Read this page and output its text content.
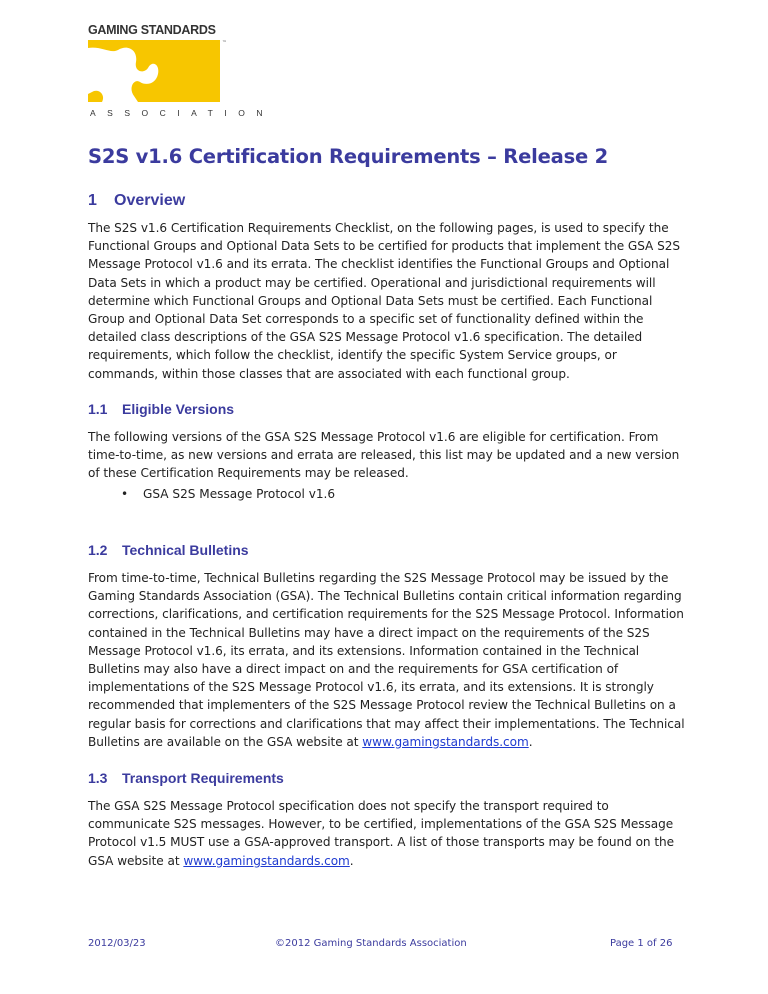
GAMING STANDARDS
™
ASSOCIATION
S2S v1.6 Certification Requirements – Release 2
1 Overview

The S2S v1.6 Certification Requirements Checklist, on the following pages, is used to specify the Functional Groups and Optional Data Sets to be certified for products that implement the GSA S2S Message Protocol v1.6 and its errata. The checklist identifies the Functional Groups and Optional Data Sets in which a product may be certified. Operational and jurisdictional requirements will determine which Functional Groups and Optional Data Sets must be certified. Each Functional Group and Optional Data Set corresponds to a specific set of functionality defined within the detailed class descriptions of the GSA S2S Message Protocol v1.6 specification. The detailed requirements, which follow the checklist, identify the specific System Service groups, or commands, within those classes that are associated with each functional group.

1.1 Eligible Versions

The following versions of the GSA S2S Message Protocol v1.6 are eligible for certification. From time-to-time, as new versions and errata are released, this list may be updated and a new version of these Certification Requirements may be released.

• GSA S2S Message Protocol v1.6
1.2 Technical Bulletins

From time-to-time, Technical Bulletins regarding the S2S Message Protocol may be issued by the Gaming Standards Association (GSA). The Technical Bulletins contain critical information regarding corrections, clarifications, and certification requirements for the S2S Message Protocol. Information contained in the Technical Bulletins may have a direct impact on the requirements of the S2S Message Protocol v1.6, its errata, and its extensions. Information contained in the Technical Bulletins may also have a direct impact on and the requirements for GSA certification of implementations of the S2S Message Protocol v1.6, its errata, and its extensions. It is strongly recommended that implementers of the S2S Message Protocol review the Technical Bulletins on a regular basis for corrections and clarifications that may affect their implementations. The Technical Bulletins are available on the GSA website at www.gamingstandards.com.

1.3 Transport Requirements

The GSA S2S Message Protocol specification does not specify the transport required to communicate S2S messages. However, to be certified, implementations of the GSA S2S Message Protocol v1.5 MUST use a GSA-approved transport. A list of those transports may be found on the GSA website at www.gamingstandards.com.

2012/03/23	©2012 Gaming Standards Association	Page 1 of 26
